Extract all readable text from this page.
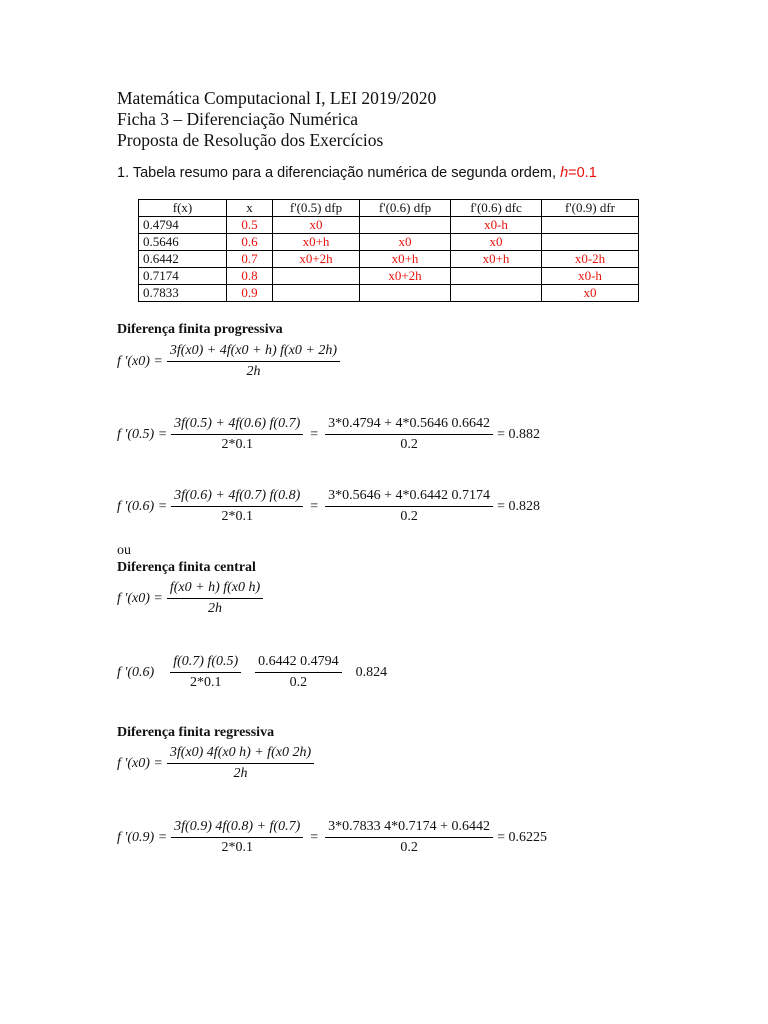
Matemática Computacional I, LEI 2019/2020
Ficha 3 – Diferenciação Numérica
Proposta de Resolução dos Exercícios
1. Tabela resumo para a diferenciação numérica de segunda ordem, h=0.1
f(x)	x	f'(0.5) dfp	f'(0.6) dfp	f'(0.6) dfc	f'(0.9) dfr
0.4794	0.5	x0		x0-h	
0.5646	0.6	x0+h	x0	x0	
0.6442	0.7	x0+2h	x0+h	x0+h	x0-2h
0.7174	0.8		x0+2h		x0-h
0.7833	0.9				x0
Diferença finita progressiva
f '$(x0) = \frac{3f(x0) + 4f(x0 + h) f(x0 + 2h)}{2h}$
f '$(0.5) = \frac{3f(0.5) + 4f(0.6) f(0.7)}{2*0.1} = \frac{3*0.4794 + 4*0.5646 0.6642}{0.2} = 0.882$
f '$(0.6) = \frac{3f(0.6) + 4f(0.7) f(0.8)}{2*0.1} = \frac{3*0.5646 + 4*0.6442 0.7174}{0.2} = 0.828$
ou
Diferença finita central
f '$(x0) = \frac{f(x0 + h) f(x0 h)}{2h}$
f '$(0.6) \frac{f(0.7) f(0.5)}{2*0.1} \frac{0.6442 0.4794}{0.2} 0.824$
Diferença finita regressiva
f '$(x0) = \frac{3f(x0) 4f(x0 h) + f(x0 2h)}{2h}$
f '$(0.9) = \frac{3f(0.9) 4f(0.8) + f(0.7)}{2*0.1} = \frac{3*0.7833 4*0.7174 + 0.6442}{0.2} = 0.6225$
